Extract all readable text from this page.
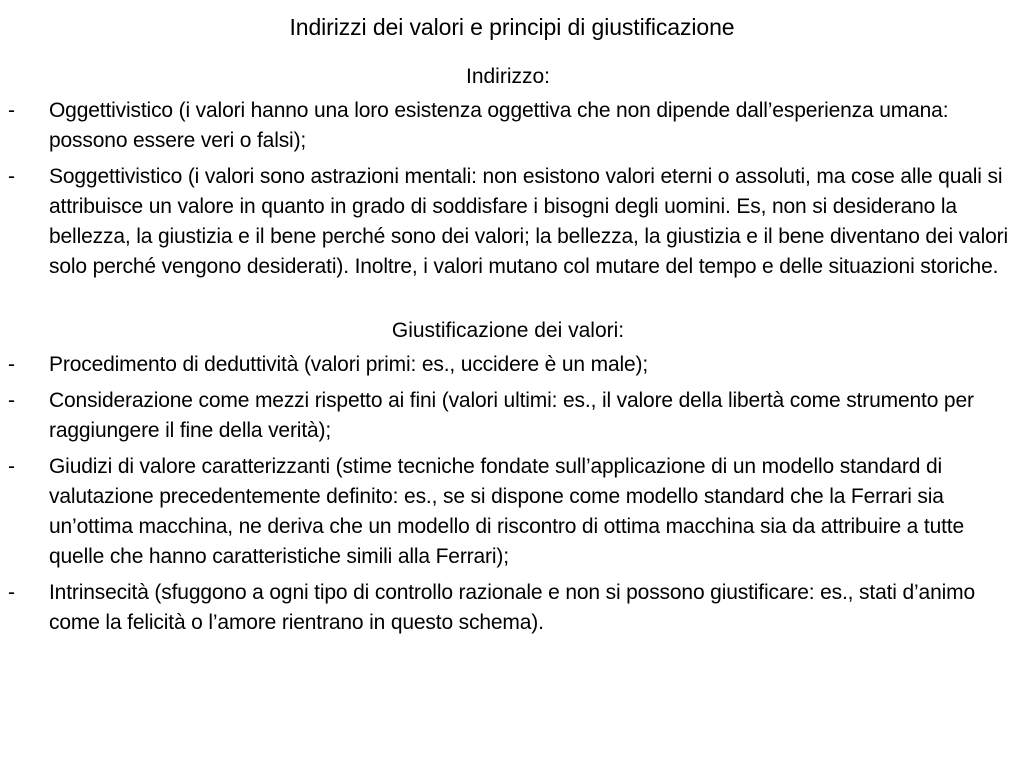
Indirizzi dei valori e principi di giustificazione

Indirizzo:

-	Oggettivistico (i valori hanno una loro esistenza oggettiva che non dipende dall’esperienza umana: possono essere veri o falsi);
-	Soggettivistico (i valori sono astrazioni mentali: non esistono valori eterni o assoluti, ma cose alle quali si attribuisce un valore in quanto in grado di soddisfare i bisogni degli uomini. Es, non si desiderano la bellezza, la giustizia e il bene perché sono dei valori; la bellezza, la giustizia e il bene diventano dei valori solo perché vengono desiderati). Inoltre, i valori mutano col mutare del tempo e delle situazioni storiche.

Giustificazione dei valori:

-	Procedimento di deduttività (valori primi: es., uccidere è un male);
-	Considerazione come mezzi rispetto ai fini (valori ultimi: es., il valore della libertà come strumento per raggiungere il fine della verità);
-	Giudizi di valore caratterizzanti (stime tecniche fondate sull’applicazione di un modello standard di valutazione precedentemente definito: es., se si dispone come modello standard che la Ferrari sia un’ottima macchina, ne deriva che un modello di riscontro di ottima macchina sia da attribuire a tutte quelle che hanno caratteristiche simili alla Ferrari);
-	Intrinsecità (sfuggono a ogni tipo di controllo razionale e non si possono giustificare: es., stati d’animo come la felicità o l’amore rientrano in questo schema).
